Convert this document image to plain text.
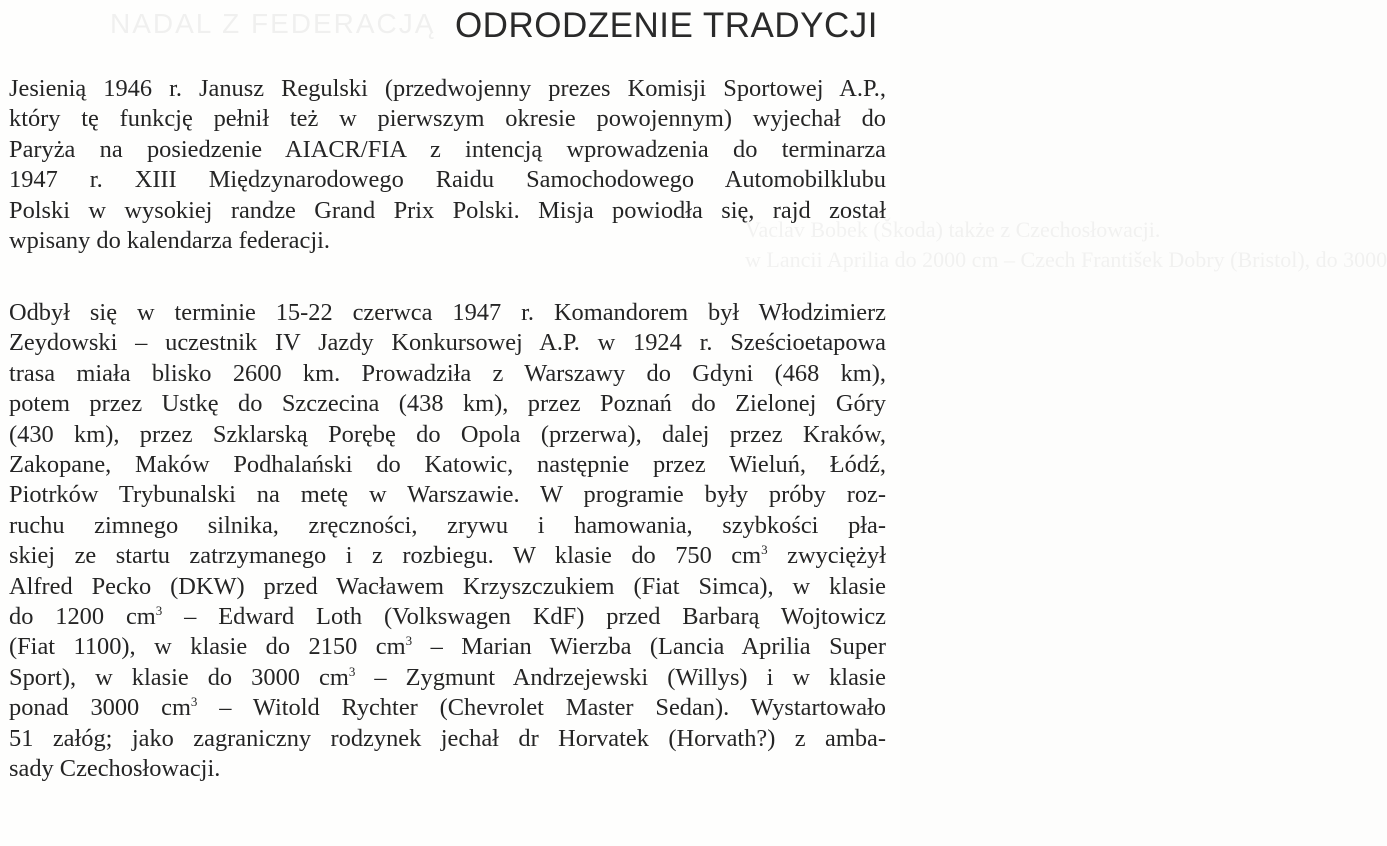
NADAL Z FEDERACJĄ
Vaclav Bobek (Škoda) także z Czechosłowacji.
w Lancii Aprilia do 2000 cm – Czech František Dobry (Bristol), do 3000
ODRODZENIE TRADYCJI
Jesienią 1946 r. Janusz Regulski (przedwojenny prezes Komisji Sportowej A.P.,
który tę funkcję pełnił też w pierwszym okresie powojennym) wyjechał do
Paryża na posiedzenie AIACR/FIA z intencją wprowadzenia do terminarza
1947 r. XIII Międzynarodowego Raidu Samochodowego Automobilklubu
Polski w wysokiej randze Grand Prix Polski. Misja powiodła się, rajd został
wpisany do kalendarza federacji.
Odbył się w terminie 15-22 czerwca 1947 r. Komandorem był Włodzimierz
Zeydowski – uczestnik IV Jazdy Konkursowej A.P. w 1924 r. Sześcioetapowa
trasa miała blisko 2600 km. Prowadziła z Warszawy do Gdyni (468 km),
potem przez Ustkę do Szczecina (438 km), przez Poznań do Zielonej Góry
(430 km), przez Szklarską Porębę do Opola (przerwa), dalej przez Kraków,
Zakopane, Maków Podhalański do Katowic, następnie przez Wieluń, Łódź,
Piotrków Trybunalski na metę w Warszawie. W programie były próby roz-
ruchu zimnego silnika, zręczności, zrywu i hamowania, szybkości pła-
skiej ze startu zatrzymanego i z rozbiegu. W klasie do 750 $cm^3$ zwyciężył
Alfred Pecko (DKW) przed Wacławem Krzyszczukiem (Fiat Simca), w klasie
do 1200 $cm^3$ – Edward Loth (Volkswagen KdF) przed Barbarą Wojtowicz
(Fiat 1100), w klasie do 2150 $cm^3$ – Marian Wierzba (Lancia Aprilia Super
Sport), w klasie do 3000 $cm^3$ – Zygmunt Andrzejewski (Willys) i w klasie
ponad 3000 $cm^3$ – Witold Rychter (Chevrolet Master Sedan). Wystartowało
51 załóg; jako zagraniczny rodzynek jechał dr Horvatek (Horvath?) z amba-
sady Czechosłowacji.
